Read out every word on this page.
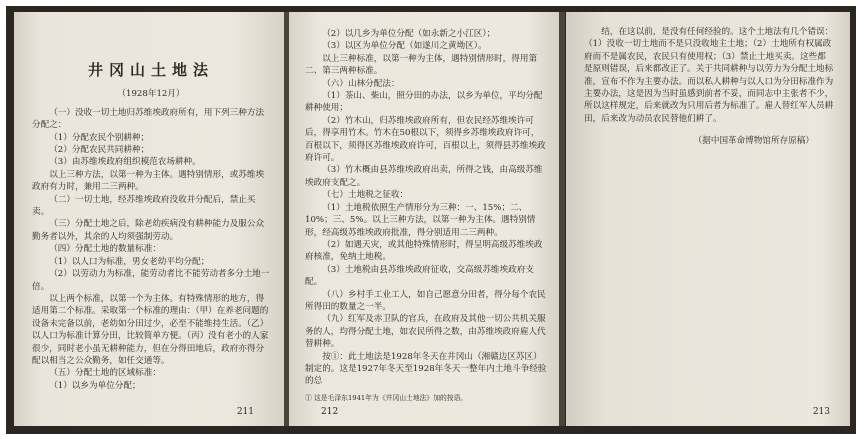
井冈山土地法
（1928年12月）

（一）没收一切土地归苏维埃政府所有，用下列三种方法分配之：

（1）分配农民个别耕种；

（2）分配农民共同耕种；

（3）由苏维埃政府组织模范农场耕种。

以上三种方法，以第一种为主体。遇特别情形，或苏维埃政府有力时，兼用二三两种。

（二）一切土地，经苏维埃政府没收并分配后，禁止买卖。

（三）分配土地之后，除老幼疾病没有耕种能力及服公众勤务者以外，其余的人均须强制劳动。

（四）分配土地的数量标准：

（1）以人口为标准，男女老幼平均分配；

（2）以劳动力为标准，能劳动者比不能劳动者多分土地一倍。

以上两个标准，以第一个为主体。有特殊情形的地方，得适用第二个标准。采取第一个标准的理由：（甲）在养老问题的设备未完备以前，老幼如分田过少，必至不能维持生活。（乙）以人口为标准计算分田，比较简单方便。（丙）没有老小的人家很少，同时老小虽无耕种能力，但在分得田地后，政府亦得分配以相当之公众勤务，如任交通等。

（五）分配土地的区域标准：

（1）以乡为单位分配；

211

（2）以几乡为单位分配（如永新之小江区）；

（3）以区为单位分配（如遂川之黄坳区）。

以上三种标准，以第一种为主体，遇特别情形时，得用第二、第三两种标准。

（六）山林分配法：

（1）茶山、柴山，照分田的办法，以乡为单位，平均分配耕种使用；

（2）竹木山，归苏维埃政府所有，但农民经苏维埃许可后，得享用竹木。竹木在50根以下，须得乡苏维埃政府许可，百根以下，须得区苏维埃政府许可，百根以上，须得县苏维埃政府许可。

（3）竹木概由县苏维埃政府出卖，所得之钱，由高级苏维埃政府支配之。

（七）土地税之征收：

（1）土地税依照生产情形分为三种：一、15%；二、10%；三、5%。以上三种方法，以第一种为主体。遇特别情形，经高级苏维埃政府批准，得分别适用二三两种。

（2）如遇天灾，或其他特殊情形时，得呈明高级苏维埃政府核准，免纳土地税。

（3）土地税由县苏维埃政府征收，交高级苏维埃政府支配。

（八）乡村手工业工人，如自己愿意分田者，得分每个农民所得田的数量之一半。

（九）红军及赤卫队的官兵，在政府及其他一切公共机关服务的人，均得分配土地，如农民所得之数，由苏维埃政府雇人代替耕种。

按①：此土地法是1928年冬天在井冈山（湘赣边区苏区）制定的。这是1927年冬天至1928年冬天一整年内土地斗争经验的总

① 这是毛泽东1941年为《井冈山土地法》加的按语。
212

结，在这以前，是没有任何经验的。这个土地法有几个错误：（1）没收一切土地而不是只没收地主土地；（2）土地所有权属政府而不是属农民，农民只有使用权；（3）禁止土地买卖。这些都是原则错误，后来都改正了。关于共同耕种与以劳力为分配土地标准，宣布不作为主要办法。而以私人耕种与以人口为分田标准作为主要办法，这是因为当时虽感到前者不妥，而同志中主张者不少，所以这样规定，后来就改为只用后者为标准了。雇人替红军人员耕田，后来改为动员农民替他们耕了。

（据中国革命博物馆所存原稿）
213
